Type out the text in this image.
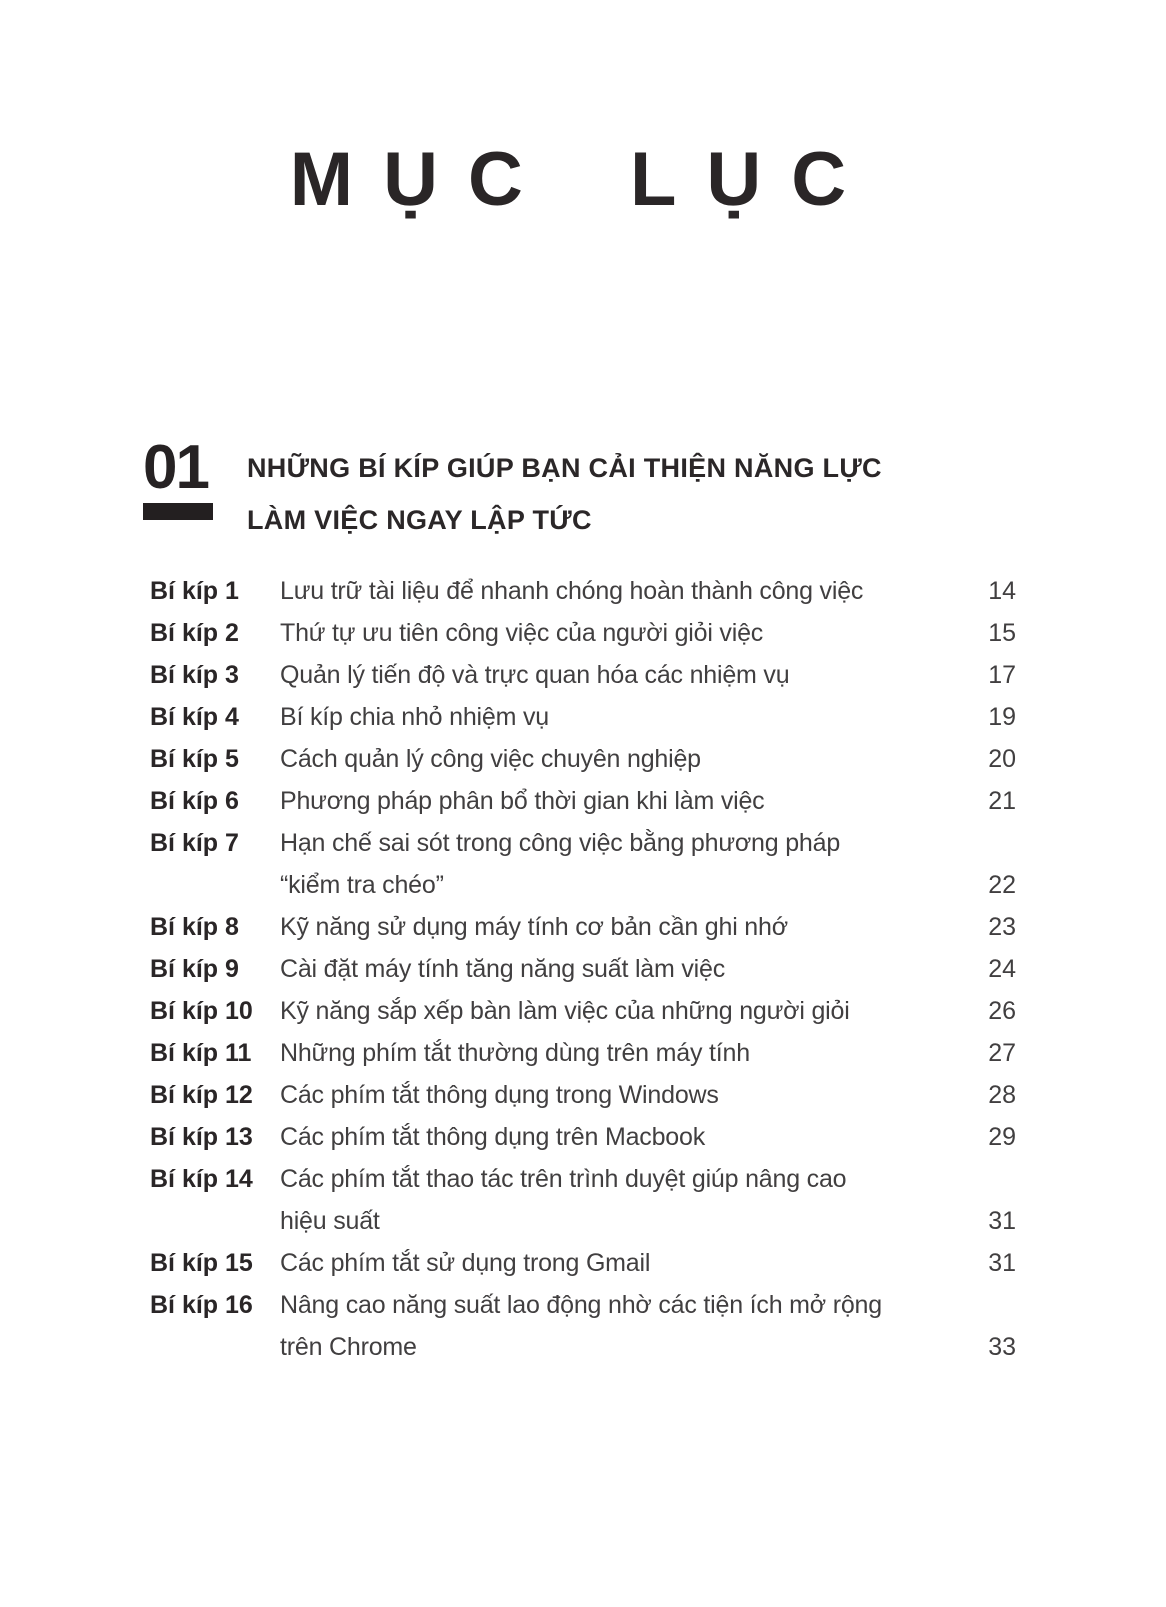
MỤC LỤC
01 NHỮNG BÍ KÍP GIÚP BẠN CẢI THIỆN NĂNG LỰC
LÀM VIỆC NGAY LẬP TỨC
Bí kíp 1	Lưu trữ tài liệu để nhanh chóng hoàn thành công việc	14
Bí kíp 2	Thứ tự ưu tiên công việc của người giỏi việc	15
Bí kíp 3	Quản lý tiến độ và trực quan hóa các nhiệm vụ	17
Bí kíp 4	Bí kíp chia nhỏ nhiệm vụ	19
Bí kíp 5	Cách quản lý công việc chuyên nghiệp	20
Bí kíp 6	Phương pháp phân bổ thời gian khi làm việc	21
Bí kíp 7	Hạn chế sai sót trong công việc bằng phương pháp
“kiểm tra chéo”	22
Bí kíp 8	Kỹ năng sử dụng máy tính cơ bản cần ghi nhớ	23
Bí kíp 9	Cài đặt máy tính tăng năng suất làm việc	24
Bí kíp 10	Kỹ năng sắp xếp bàn làm việc của những người giỏi	26
Bí kíp 11	Những phím tắt thường dùng trên máy tính	27
Bí kíp 12	Các phím tắt thông dụng trong Windows	28
Bí kíp 13	Các phím tắt thông dụng trên Macbook	29
Bí kíp 14	Các phím tắt thao tác trên trình duyệt giúp nâng cao
hiệu suất	31
Bí kíp 15	Các phím tắt sử dụng trong Gmail	31
Bí kíp 16	Nâng cao năng suất lao động nhờ các tiện ích mở rộng
trên Chrome	33
